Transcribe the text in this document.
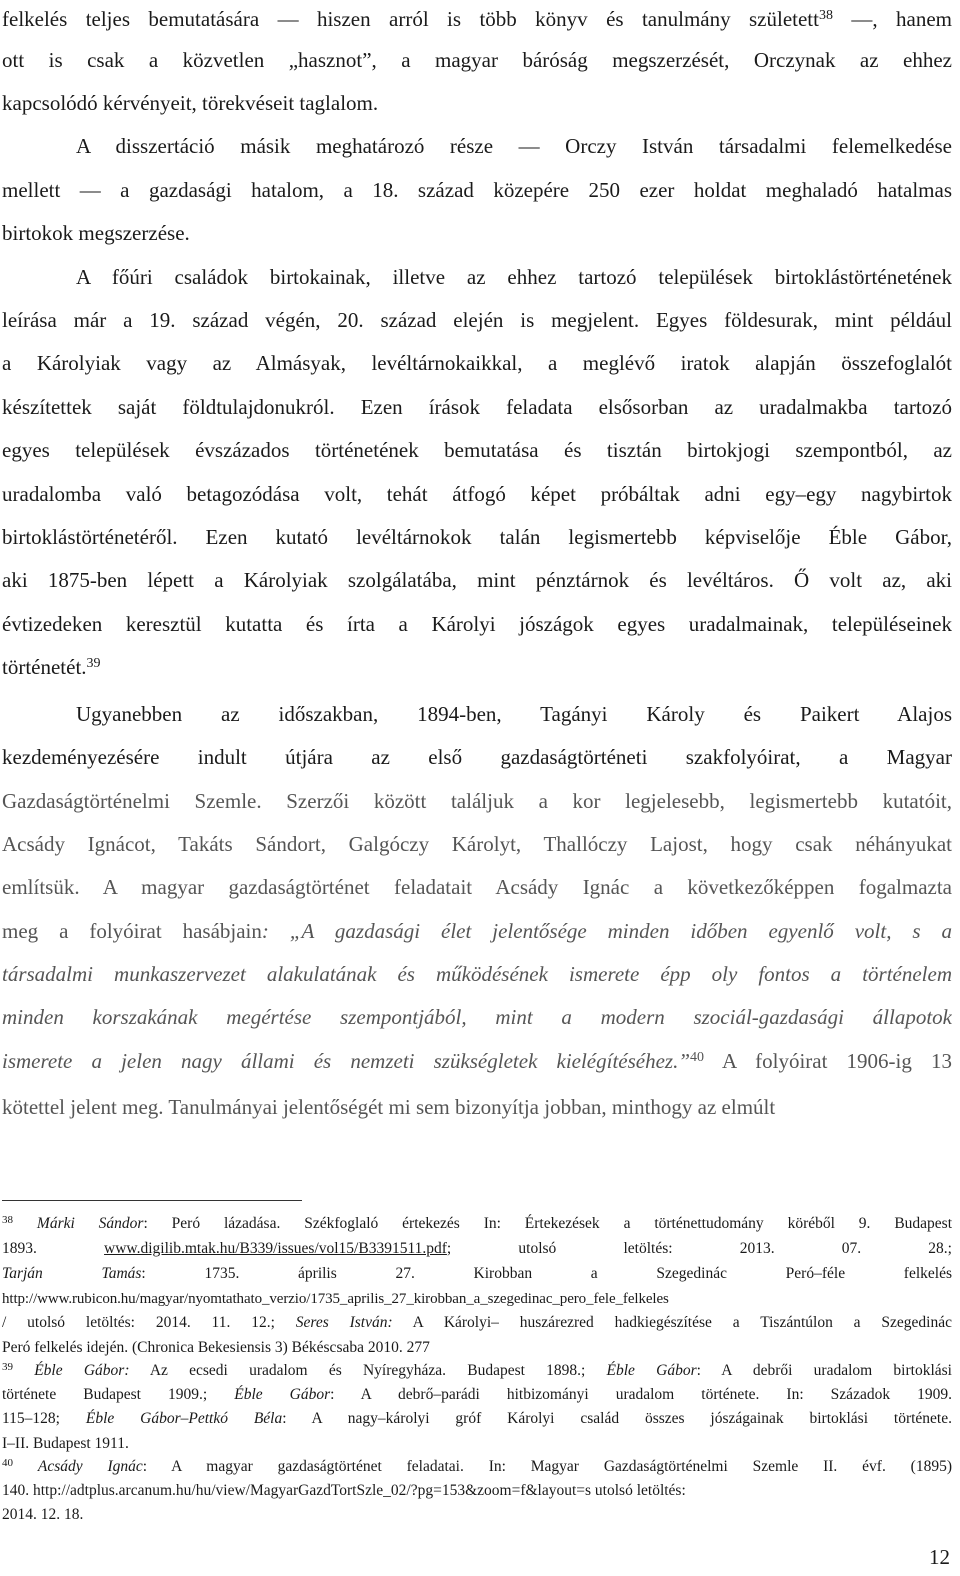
felkelés teljes bemutatására — hiszen arról is több könyv és tanulmány született$^{38}$ —, hanem
ott is csak a közvetlen „hasznot”, a magyar báróság megszerzését, Orczynak az ehhez
kapcsolódó kérvényeit, törekvéseit taglalom.
A disszertáció másik meghatározó része — Orczy István társadalmi felemelkedése
mellett — a gazdasági hatalom, a 18. század közepére 250 ezer holdat meghaladó hatalmas
birtokok megszerzése.
A főúri családok birtokainak, illetve az ehhez tartozó települések birtoklástörténetének
leírása már a 19. század végén, 20. század elején is megjelent. Egyes földesurak, mint például
a Károlyiak vagy az Almásyak, levéltárnokaikkal, a meglévő iratok alapján összefoglalót
készítettek saját földtulajdonukról. Ezen írások feladata elsősorban az uradalmakba tartozó
egyes települések évszázados történetének bemutatása és tisztán birtokjogi szempontból, az
uradalomba való betagozódása volt, tehát átfogó képet próbáltak adni egy–egy nagybirtok
birtoklástörténetéről. Ezen kutató levéltárnokok talán legismertebb képviselője Éble Gábor,
aki 1875-ben lépett a Károlyiak szolgálatába, mint pénztárnok és levéltáros. Ő volt az, aki
évtizedeken keresztül kutatta és írta a Károlyi jószágok egyes uradalmainak, településeinek
történetét.$^{39}$
Ugyanebben az időszakban, 1894-ben, Tagányi Károly és Paikert Alajos
kezdeményezésére indult útjára az első gazdaságtörténeti szakfolyóirat, a Magyar
Gazdaságtörténelmi Szemle. Szerzői között találjuk a kor legjelesebb, legismertebb kutatóit,
Acsády Ignácot, Takáts Sándort, Galgóczy Károlyt, Thallóczy Lajost, hogy csak néhányukat
említsük. A magyar gazdaságtörténet feladatait Acsády Ignác a következőképpen fogalmazta
meg a folyóirat hasábjain: „A gazdasági élet jelentősége minden időben egyenlő volt, s a
társadalmi munkaszervezet alakulatának és működésének ismerete épp oly fontos a történelem
minden korszakának megértése szempontjából, mint a modern szociál-gazdasági állapotok
ismerete a jelen nagy állami és nemzeti szükségletek kielégítéséhez.”$^{40}$ A folyóirat 1906-ig 13
kötettel jelent meg. Tanulmányai jelentőségét mi sem bizonyítja jobban, minthogy az elmúlt
$^{38}$ Márki Sándor: Peró lázadása. Székfoglaló értekezés In: Értekezések a történettudomány köréből 9. Budapest
1893.	www.digilib.mtak.hu/B339/issues/vol15/B3391511.pdf; utolsó letöltés: 2013. 07. 28.;
Tarján Tamás: 1735. április 27. Kirobban a Szegedinác Peró–féle felkelés
http://www.rubicon.hu/magyar/nyomtathato_verzio/1735_aprilis_27_kirobban_a_szegedinac_pero_fele_felkeles
/ utolsó letöltés: 2014. 11. 12.; Seres István: A Károlyi– huszárezred hadkiegészítése a Tiszántúlon a Szegedinác
Peró felkelés idején. (Chronica Bekesiensis 3) Békéscsaba 2010. 277
$^{39}$ Éble Gábor: Az ecsedi uradalom és Nyíregyháza. Budapest 1898.; Éble Gábor: A debrői uradalom birtoklási
története Budapest 1909.; Éble Gábor: A debrő–parádi hitbizományi uradalom története. In: Századok 1909.
115–128; Éble Gábor–Pettkó Béla: A nagy–károlyi gróf Károlyi család összes jószágainak birtoklási története.
I–II. Budapest 1911.
$^{40}$ Acsády Ignác: A magyar gazdaságtörténet feladatai. In: Magyar Gazdaságtörténelmi Szemle II. évf. (1895)
140. http://adtplus.arcanum.hu/hu/view/MagyarGazdTortSzle_02/?pg=153&zoom=f&layout=s utolsó letöltés:
2014. 12. 18.
12
